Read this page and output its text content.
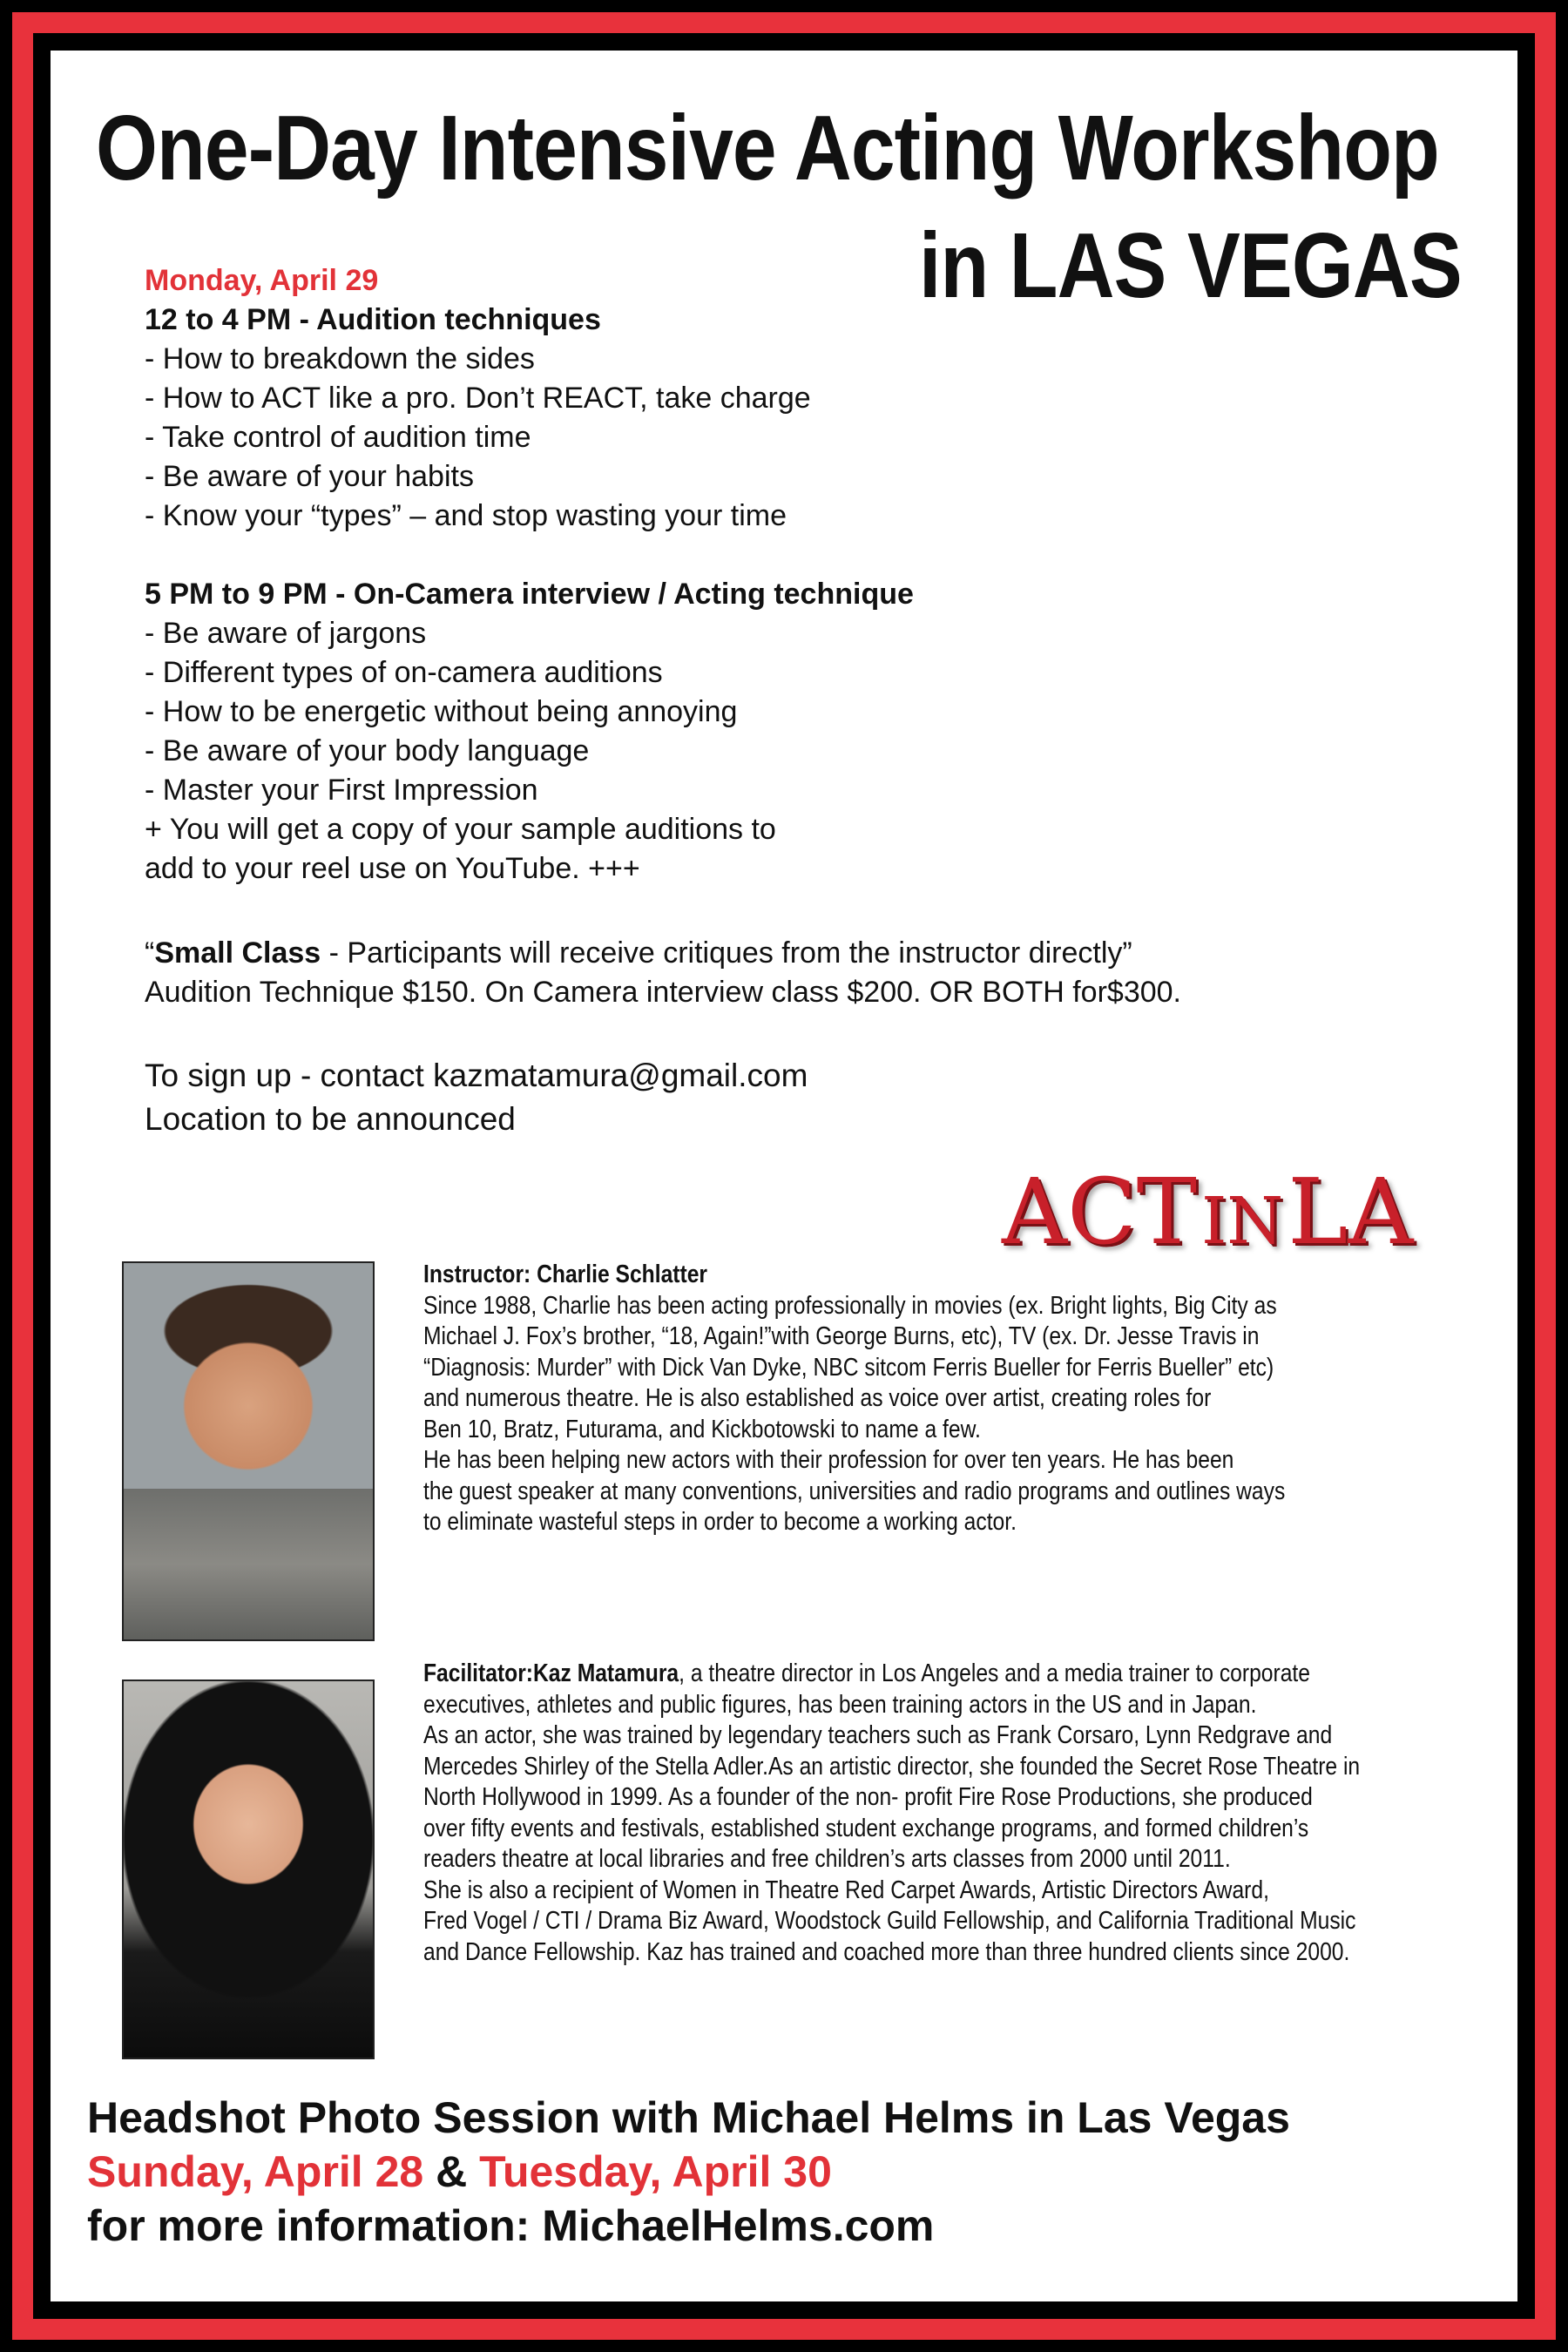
One-Day Intensive Acting Workshop
in LAS VEGAS
Monday, April 29
12 to 4 PM - Audition techniques
- How to breakdown the sides
- How to ACT like a pro. Don’t REACT, take charge
- Take control of audition time
- Be aware of your habits
- Know your “types” – and stop wasting your time
5 PM to 9 PM - On-Camera interview / Acting technique
- Be aware of jargons
- Different types of on-camera auditions
- How to be energetic without being annoying
- Be aware of your body language
- Master your First Impression
+ You will get a copy of your sample auditions to
add to your reel use on YouTube. +++
“Small Class - Participants will receive critiques from the instructor directly”
Audition Technique $150. On Camera interview class $200. OR BOTH for$300.
To sign up - contact kazmatamura@gmail.com
Location to be announced
ACT IN LA
Instructor: Charlie Schlatter
Since 1988, Charlie has been acting professionally in movies (ex. Bright lights, Big City as
Michael J. Fox’s brother, “18, Again!”with George Burns, etc), TV (ex. Dr. Jesse Travis in
“Diagnosis: Murder” with Dick Van Dyke, NBC sitcom Ferris Bueller for Ferris Bueller” etc)
and numerous theatre. He is also established as voice over artist, creating roles for
Ben 10, Bratz, Futurama, and Kickbotowski to name a few.
He has been helping new actors with their profession for over ten years. He has been
the guest speaker at many conventions, universities and radio programs and outlines ways
to eliminate wasteful steps in order to become a working actor.
Facilitator:Kaz Matamura, a theatre director in Los Angeles and a media trainer to corporate
executives, athletes and public figures, has been training actors in the US and in Japan.
As an actor, she was trained by legendary teachers such as Frank Corsaro, Lynn Redgrave and
Mercedes Shirley of the Stella Adler.As an artistic director, she founded the Secret Rose Theatre in
North Hollywood in 1999. As a founder of the non- profit Fire Rose Productions, she produced
over fifty events and festivals, established student exchange programs, and formed children’s
readers theatre at local libraries and free children’s arts classes from 2000 until 2011.
She is also a recipient of Women in Theatre Red Carpet Awards, Artistic Directors Award,
Fred Vogel / CTI / Drama Biz Award, Woodstock Guild Fellowship, and California Traditional Music
and Dance Fellowship. Kaz has trained and coached more than three hundred clients since 2000.
Headshot Photo Session with Michael Helms in Las Vegas
Sunday, April 28 & Tuesday, April 30
for more information: MichaelHelms.com
